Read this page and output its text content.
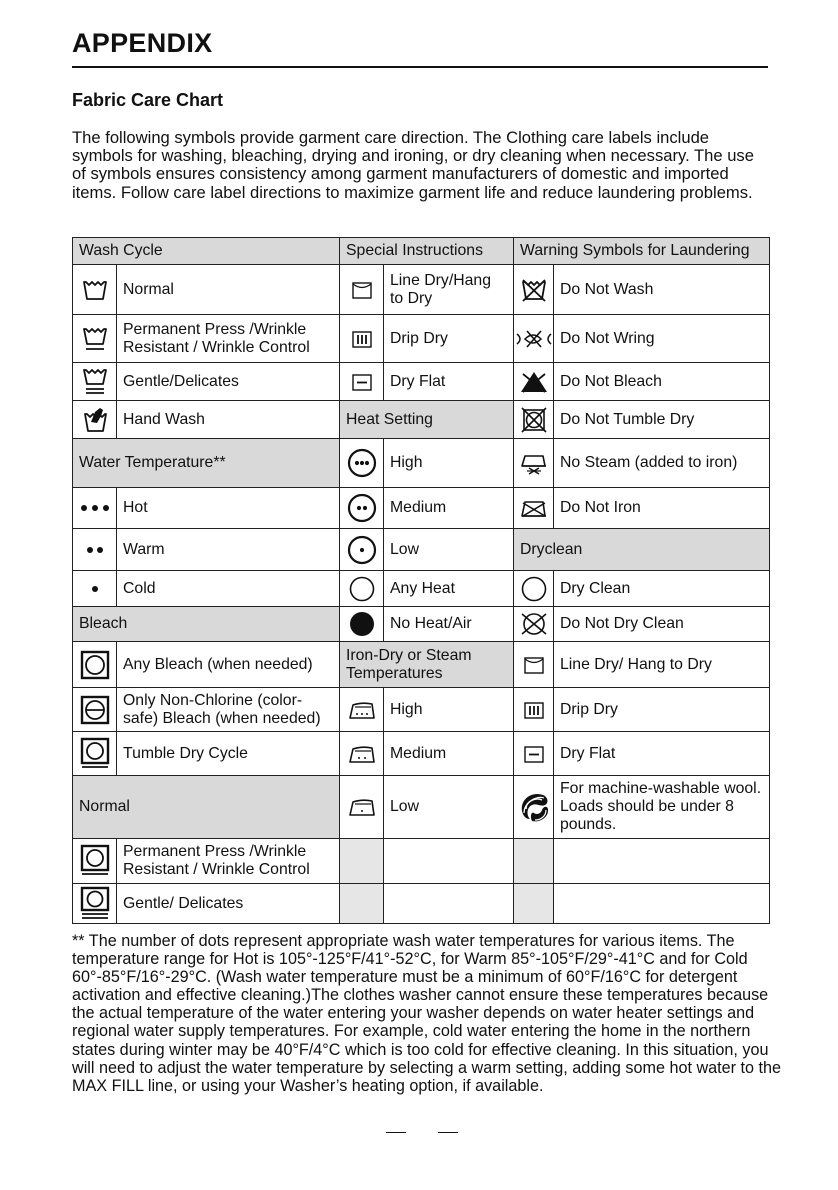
APPENDIX
Fabric Care Chart

The following symbols provide garment care direction. The Clothing care labels include symbols for washing, bleaching, drying and ironing, or dry cleaning when necessary. The use of symbols ensures consistency among garment manufacturers of domestic and imported items. Follow care label directions to maximize garment life and reduce laundering problems.

Wash Cycle		Special Instructions		Warning Symbols for Laundering	

	Normal		Line Dry/Hang to Dry		Do Not Wash

	Permanent Press /Wrinkle Resistant / Wrinkle Control		Drip Dry		Do Not Wring

	Gentle/Delicates		Dry Flat		Do Not Bleach

	Hand Wash	Heat Setting			Do Not Tumble Dry
Water Temperature**			High		No Steam (added to iron)

	Hot		Medium		Do Not Iron

	Warm		Low	Dryclean	

	Cold		Any Heat		Dry Clean
Bleach			No Heat/Air		Do Not Dry Clean

	Any Bleach (when needed)	Iron-Dry or Steam Temperatures			Line Dry/ Hang to Dry

	Only Non-Chlorine (color-safe) Bleach (when needed)		High		Drip Dry

	Tumble Dry Cycle		Medium		Dry Flat
Normal			Low		For machine-washable wool. Loads should be under 8 pounds.

	Permanent Press /Wrinkle Resistant / Wrinkle Control				

	Gentle/ Delicates				

** The number of dots represent appropriate wash water temperatures for various items. The temperature range for Hot is 105°-125°F/41°-52°C, for Warm 85°-105°F/29°-41°C and for Cold 60°-85°F/16°-29°C. (Wash water temperature must be a minimum of 60°F/16°C for detergent activation and effective cleaning.)The clothes washer cannot ensure these temperatures because the actual temperature of the water entering your washer depends on water heater settings and regional water supply temperatures. For example, cold water entering the home in the northern states during winter may be 40°F/4°C which is too cold for effective cleaning. In this situation, you will need to adjust the water temperature by selecting a warm setting, adding some hot water to the MAX FILL line, or using your Washer’s heating option, if available.
